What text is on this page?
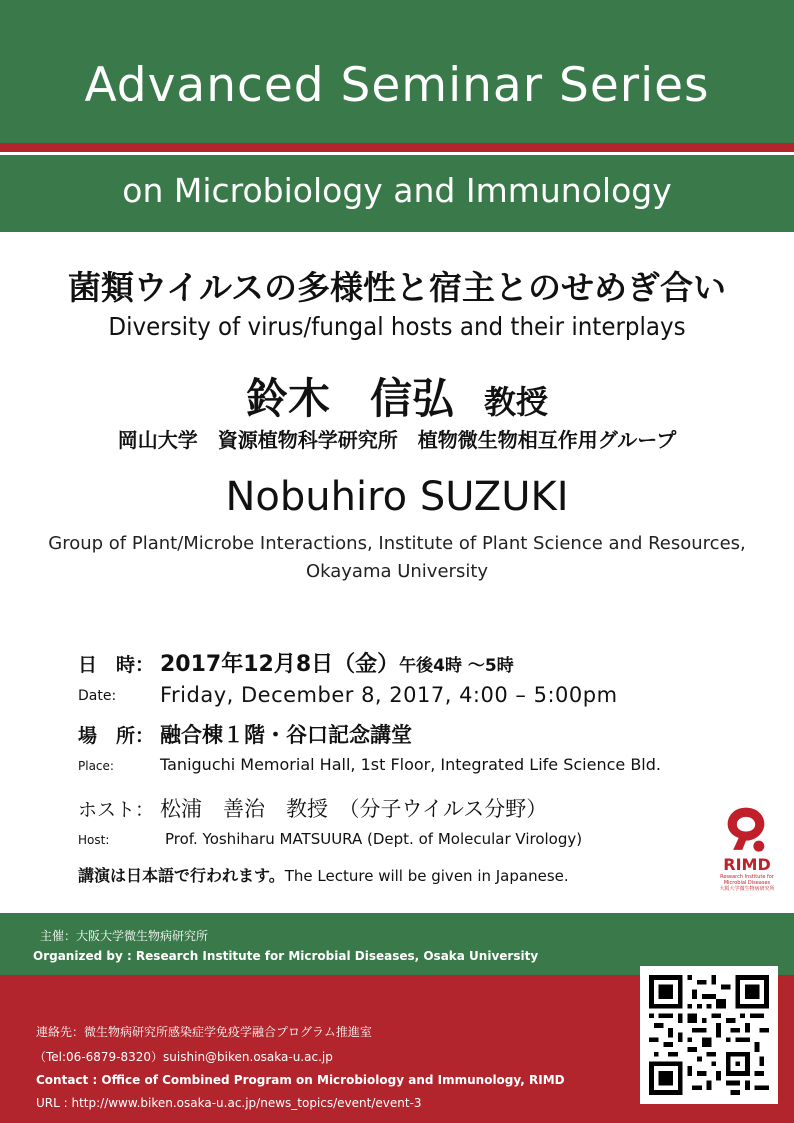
Advanced Seminar Series
on Microbiology and Immunology
菌類ウイルスの多様性と宿主とのせめぎ合い
Diversity of virus/fungal hosts and their interplays
鈴木 信弘 教授
岡山大学　資源植物科学研究所　植物微生物相互作用グループ
Nobuhiro SUZUKI
Group of Plant/Microbe Interactions, Institute of Plant Science and Resources,
Okayama University
日　時： 2017年12月8日（金）午後4時 ～5時
Date: Friday, December 8, 2017, 4:00 – 5:00pm
場　所： 融合棟１階・谷口記念講堂
Place:	Taniguchi Memorial Hall, 1st Floor, Integrated Life Science Bld.
ホスト： 松浦　善治　教授　（分子ウイルス分野）
Host:	Prof. Yoshiharu MATSUURA (Dept. of Molecular Virology)
講演は日本語で行われます。The Lecture will be given in Japanese.
RIMD
Research Institute for
Microbial Diseases
大阪大学微生物病研究所
主催：大阪大学微生物病研究所
Organized by : Research Institute for Microbial Diseases, Osaka University
連絡先：微生物病研究所感染症学免疫学融合プログラム推進室
（Tel:06-6879-8320）suishin@biken.osaka-u.ac.jp
Contact : Office of Combined Program on Microbiology and Immunology, RIMD
URL : http://www.biken.osaka-u.ac.jp/news_topics/event/event-3
